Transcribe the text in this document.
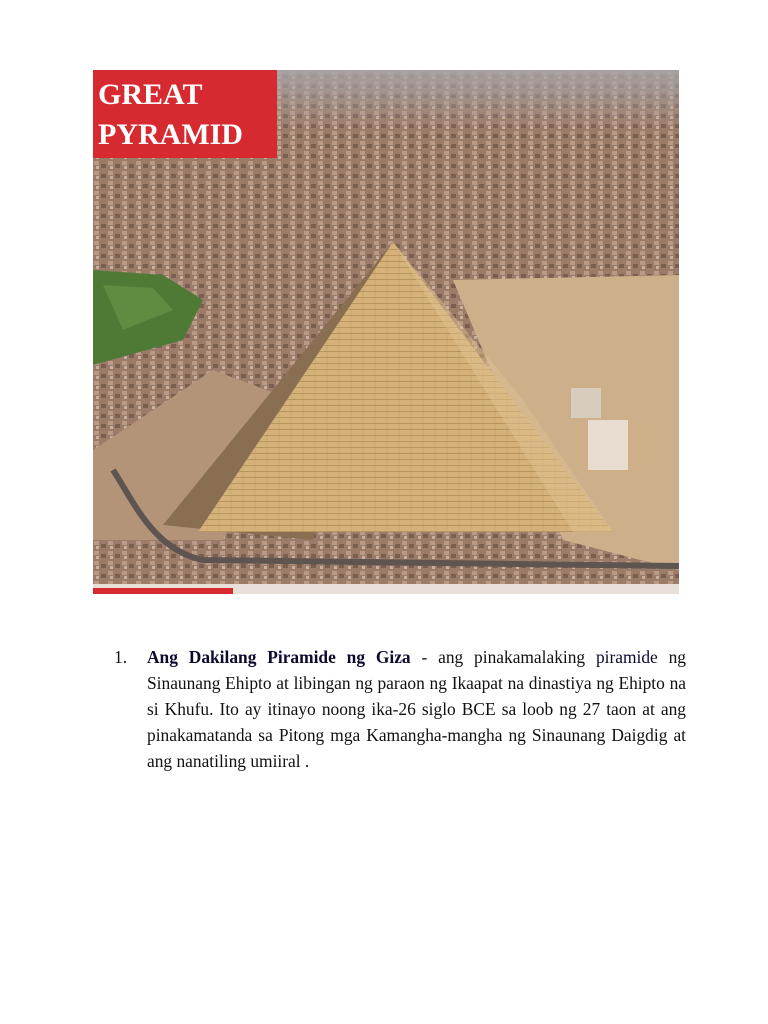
GREAT
PYRAMID
1.	Ang Dakilang Piramide ng Giza - ang pinakamalaking piramide ng Sinaunang Ehipto at libingan ng paraon ng Ikaapat na dinastiya ng Ehipto na si Khufu. Ito ay itinayo noong ika-26 siglo BCE sa loob ng 27 taon at ang pinakamatanda sa Pitong mga Kamangha-mangha ng Sinaunang Daigdig at ang nanatiling umiiral .
